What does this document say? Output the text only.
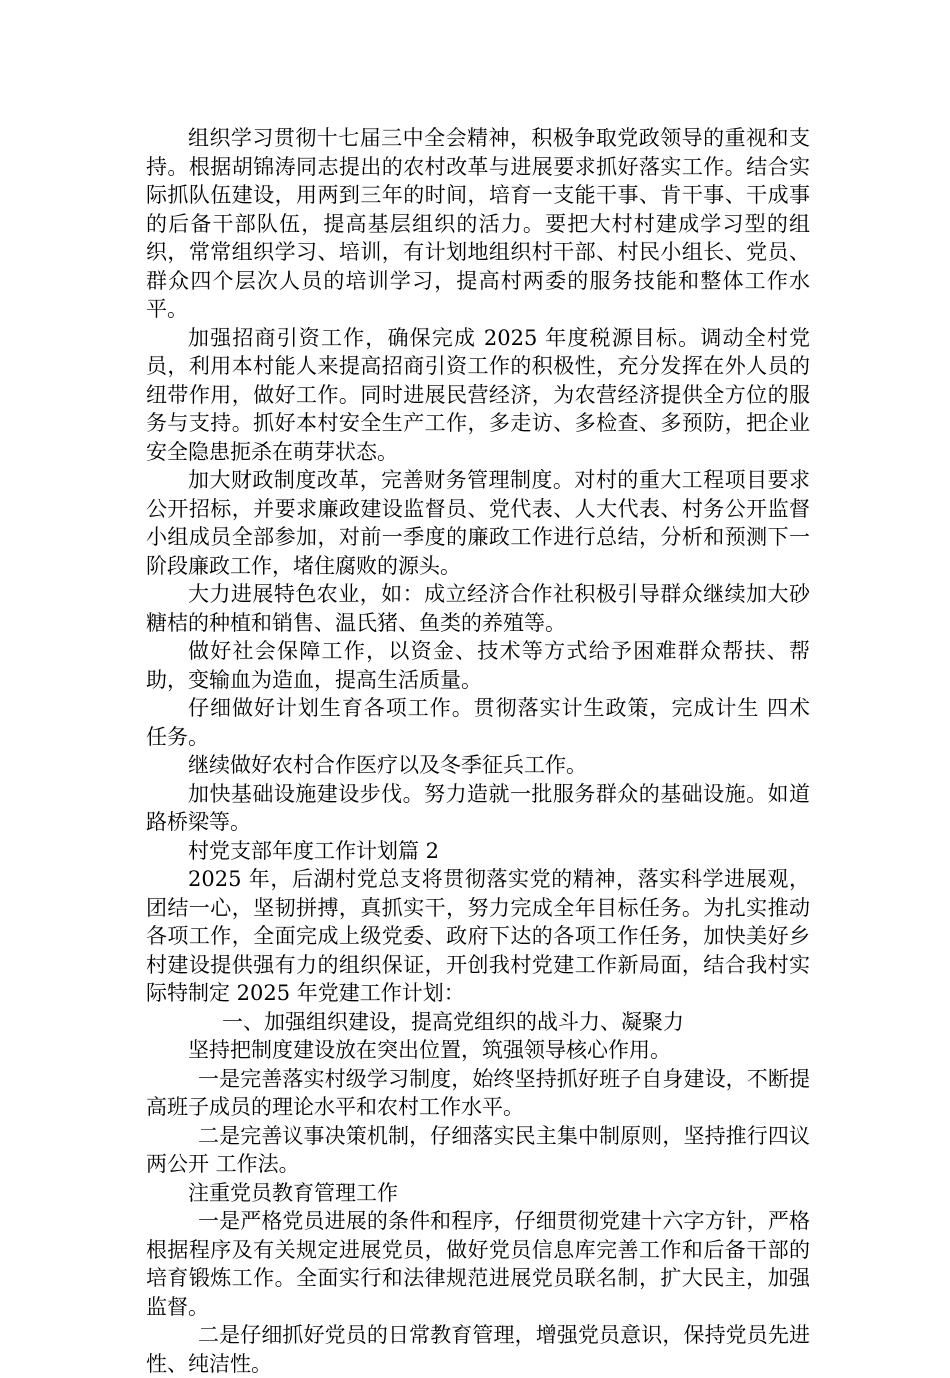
组织学习贯彻十七届三中全会精神，积极争取党政领导的重视和支持。根据胡锦涛同志提出的农村改革与进展要求抓好落实工作。结合实际抓队伍建设，用两到三年的时间，培育一支能干事、肯干事、干成事的后备干部队伍，提高基层组织的活力。要把大村村建成学习型的组织，常常组织学习、培训，有计划地组织村干部、村民小组长、党员、群众四个层次人员的培训学习，提高村两委的服务技能和整体工作水平。

加强招商引资工作，确保完成 2025 年度税源目标。调动全村党员，利用本村能人来提高招商引资工作的积极性，充分发挥在外人员的纽带作用，做好工作。同时进展民营经济，为农营经济提供全方位的服务与支持。抓好本村安全生产工作，多走访、多检查、多预防，把企业安全隐患扼杀在萌芽状态。

加大财政制度改革，完善财务管理制度。对村的重大工程项目要求公开招标，并要求廉政建设监督员、党代表、人大代表、村务公开监督小组成员全部参加，对前一季度的廉政工作进行总结，分析和预测下一阶段廉政工作，堵住腐败的源头。

大力进展特色农业，如：成立经济合作社积极引导群众继续加大砂糖桔的种植和销售、温氏猪、鱼类的养殖等。

做好社会保障工作，以资金、技术等方式给予困难群众帮扶、帮助，变输血为造血，提高生活质量。

仔细做好计划生育各项工作。贯彻落实计生政策，完成计生 四术 任务。

继续做好农村合作医疗以及冬季征兵工作。

加快基础设施建设步伐。努力造就一批服务群众的基础设施。如道路桥梁等。

村党支部年度工作计划篇 2

2025 年，后湖村党总支将贯彻落实党的精神，落实科学进展观，团结一心，坚韧拼搏，真抓实干，努力完成全年目标任务。为扎实推动各项工作，全面完成上级党委、政府下达的各项工作任务，加快美好乡村建设提供强有力的组织保证，开创我村党建工作新局面，结合我村实际特制定 2025 年党建工作计划：

一、加强组织建设，提高党组织的战斗力、凝聚力

坚持把制度建设放在突出位置，筑强领导核心作用。

一是完善落实村级学习制度，始终坚持抓好班子自身建设，不断提高班子成员的理论水平和农村工作水平。

二是完善议事决策机制，仔细落实民主集中制原则，坚持推行四议两公开 工作法。

注重党员教育管理工作

一是严格党员进展的条件和程序，仔细贯彻党建十六字方针，严格根据程序及有关规定进展党员，做好党员信息库完善工作和后备干部的培育锻炼工作。全面实行和法律规范进展党员联名制，扩大民主，加强监督。

二是仔细抓好党员的日常教育管理，增强党员意识，保持党员先进性、纯洁性。
